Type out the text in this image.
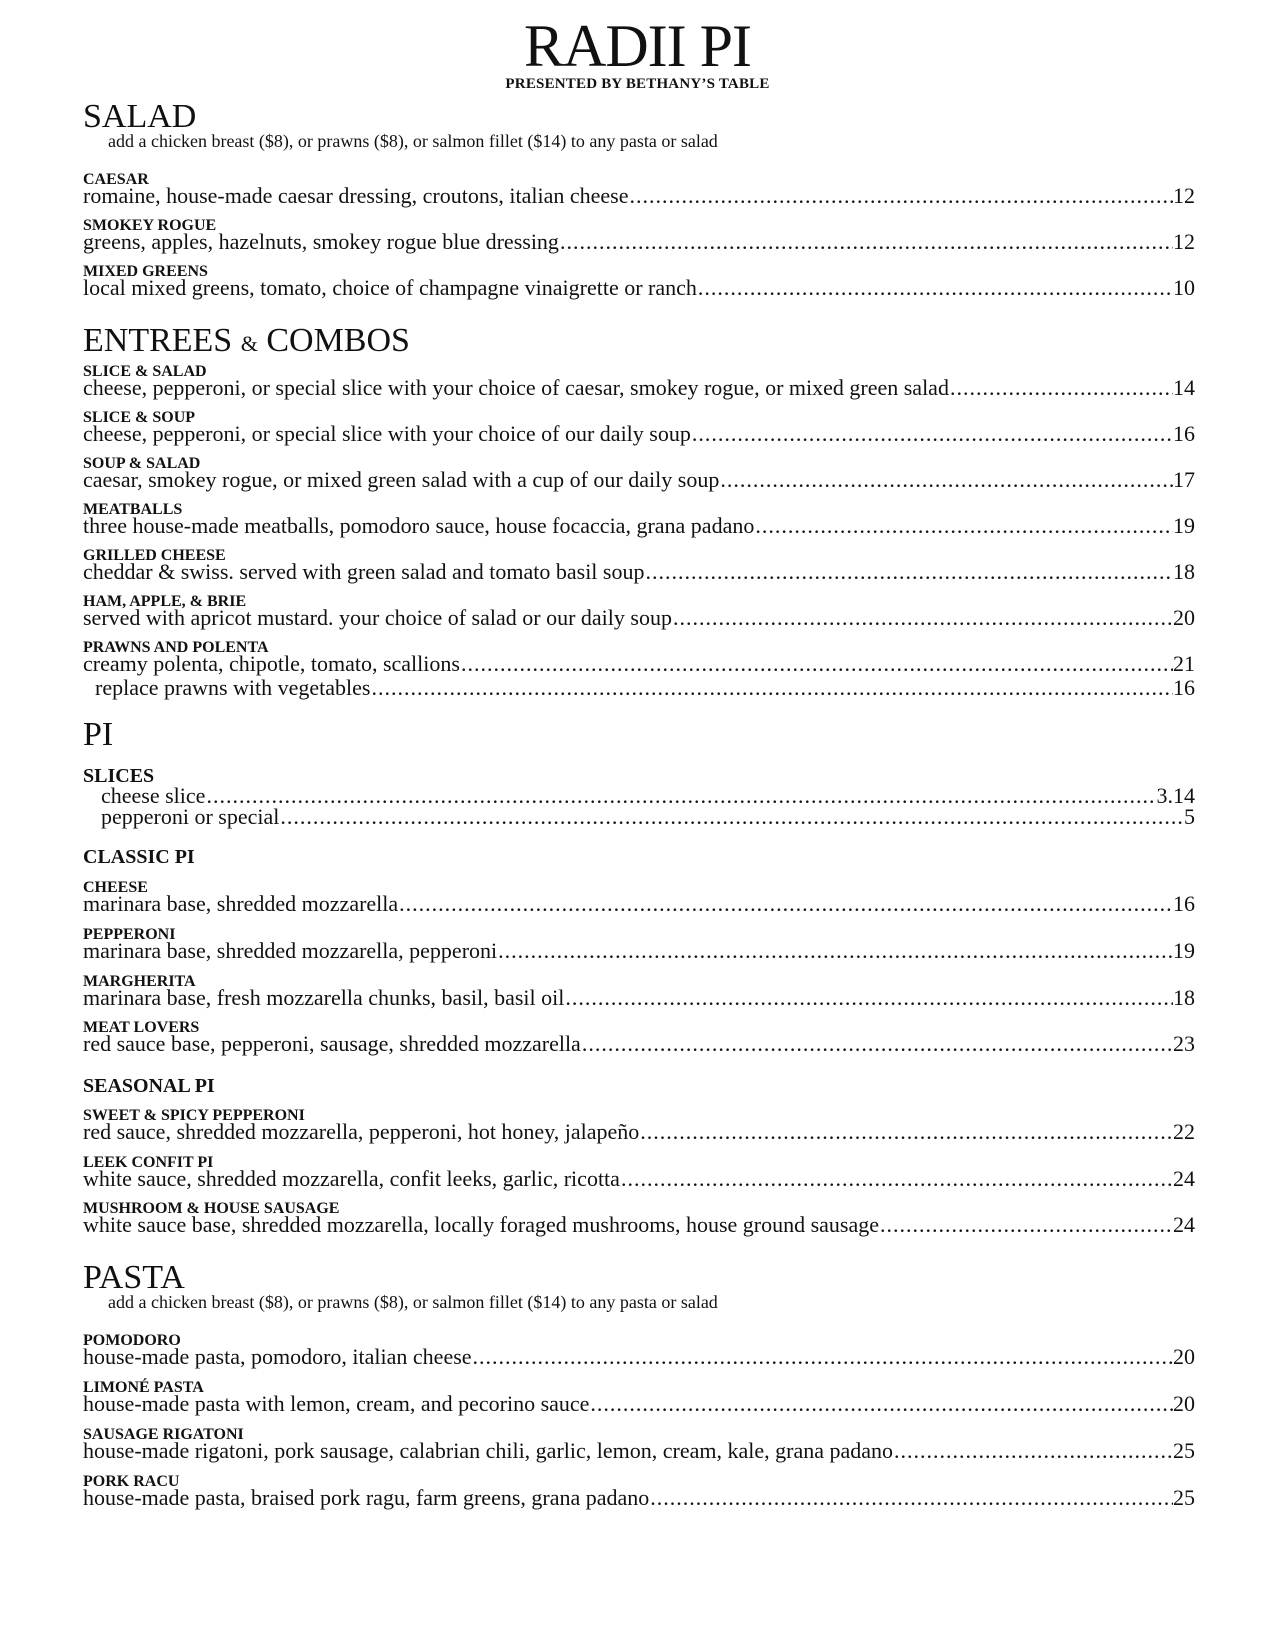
RADII PI
PRESENTED BY BETHANY’S TABLE
SALAD
add a chicken breast ($8), or prawns ($8), or salmon fillet ($14) to any pasta or salad
CAESAR
romaine, house-made caesar dressing, croutons, italian cheese .....	12
SMOKEY ROGUE
greens, apples, hazelnuts, smokey rogue blue dressing .....	12
MIXED GREENS
local mixed greens, tomato, choice of champagne vinaigrette or ranch .....	10
ENTREES & COMBOS
SLICE & SALAD
cheese, pepperoni, or special slice with your choice of caesar, smokey rogue, or mixed green salad .....	14
SLICE & SOUP
cheese, pepperoni, or special slice with your choice of our daily soup .....	16
SOUP & SALAD
caesar, smokey rogue, or mixed green salad with a cup of our daily soup .....	17
MEATBALLS
three house-made meatballs, pomodoro sauce, house focaccia, grana padano .....	19
GRILLED CHEESE
cheddar & swiss. served with green salad and tomato basil soup .....	18
HAM, APPLE, & BRIE
served with apricot mustard. your choice of salad or our daily soup .....	20
PRAWNS AND POLENTA
creamy polenta, chipotle, tomato, scallions .....	21
replace prawns with vegetables .....	16
PI
SLICES
cheese slice .....	3.14
pepperoni or special .....	5
CLASSIC PI
CHEESE
marinara base, shredded mozzarella .....	16
PEPPERONI
marinara base, shredded mozzarella, pepperoni .....	19
MARGHERITA
marinara base, fresh mozzarella chunks, basil, basil oil .....	18
MEAT LOVERS
red sauce base, pepperoni, sausage, shredded mozzarella .....	23
SEASONAL PI
SWEET & SPICY PEPPERONI
red sauce, shredded mozzarella, pepperoni, hot honey, jalapeño .....	22
LEEK CONFIT PI
white sauce, shredded mozzarella, confit leeks, garlic, ricotta .....	24
MUSHROOM & HOUSE SAUSAGE
white sauce base, shredded mozzarella, locally foraged mushrooms, house ground sausage .....	24
PASTA
add a chicken breast ($8), or prawns ($8), or salmon fillet ($14) to any pasta or salad
POMODORO
house-made pasta, pomodoro, italian cheese .....	20
LIMONÉ PASTA
house-made pasta with lemon, cream, and pecorino sauce .....	20
SAUSAGE RIGATONI
house-made rigatoni, pork sausage, calabrian chili, garlic, lemon, cream, kale, grana padano .....	25
PORK RACU
house-made pasta, braised pork ragu, farm greens, grana padano .....	25
